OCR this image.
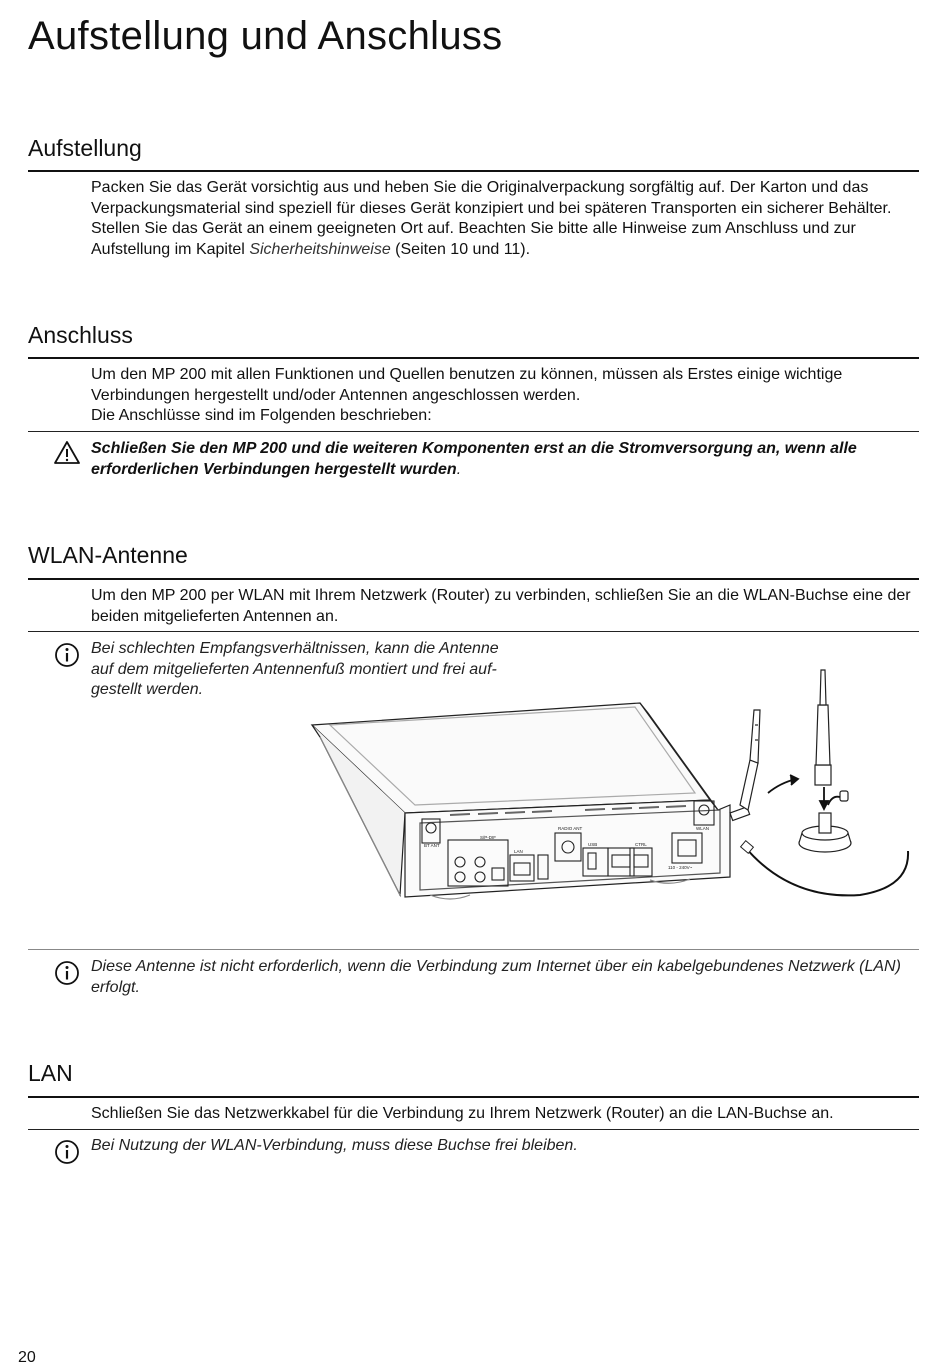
Aufstellung und Anschluss
Aufstellung

Packen Sie das Gerät vorsichtig aus und heben Sie die Originalverpackung sorgfältig auf. Der Karton und das Verpackungsmaterial sind speziell für dieses Gerät konzipiert und bei späteren Transporten ein sicherer Behälter. Stellen Sie das Gerät an einem geeigneten Ort auf. Beachten Sie bitte alle Hinweise zum Anschluss und zur Aufstellung im Kapitel Sicherheitshinweise (Seiten 10 und 11).

Anschluss

Um den MP 200 mit allen Funktionen und Quellen benutzen zu können, müssen als Erstes einige wichtige Verbindungen hergestellt und/oder Antennen angeschlossen werden.

Die Anschlüsse sind im Folgenden beschrieben:

Schließen Sie den MP 200 und die weiteren Komponenten erst an die Stromversorgung an, wenn alle erforderlichen Verbindungen hergestellt wurden.

WLAN-Antenne

Um den MP 200 per WLAN mit Ihrem Netzwerk (Router) zu verbinden, schließen Sie an die WLAN-Buchse eine der beiden mitgelieferten Antennen an.

Bei schlechten Empfangsverhältnissen, kann die Antenne
auf dem mitgelieferten Antennenfuß montiert und frei auf-
gestellt werden.
BT ANT
S/P-DIF
LAN
RADIO ANT
USB	CTRL
110 - 240V~
WLAN

Diese Antenne ist nicht erforderlich, wenn die Verbindung zum Internet über ein kabelgebundenes Netzwerk (LAN) erfolgt.

LAN

Schließen Sie das Netzwerkkabel für die Verbindung zu Ihrem Netzwerk (Router) an die LAN-Buchse an.

Bei Nutzung der WLAN-Verbindung, muss diese Buchse frei bleiben.

20
